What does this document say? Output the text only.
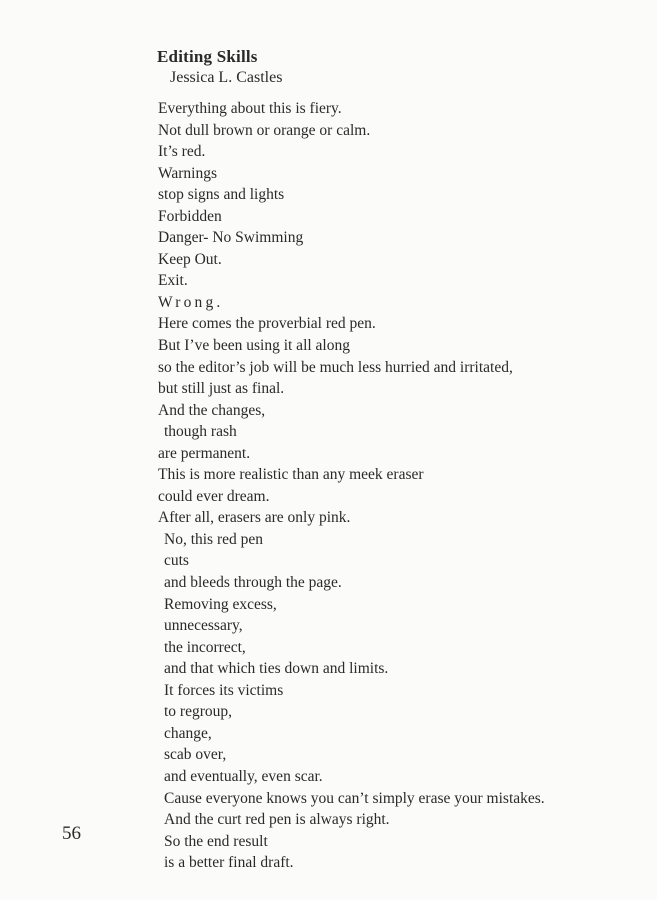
Editing Skills
Jessica L. Castles
Everything about this is fiery.
Not dull brown or orange or calm.
It’s red.
Warnings
stop signs and lights
Forbidden
Danger- No Swimming
Keep Out.
Exit.
Wrong.
Here comes the proverbial red pen.
But I’ve been using it all along
so the editor’s job will be much less hurried and irritated,
but still just as final.
And the changes,
though rash
are permanent.
This is more realistic than any meek eraser
could ever dream.
After all, erasers are only pink.
No, this red pen
cuts
and bleeds through the page.
Removing excess,
unnecessary,
the incorrect,
and that which ties down and limits.
It forces its victims
to regroup,
change,
scab over,
and eventually, even scar.
Cause everyone knows you can’t simply erase your mistakes.
And the curt red pen is always right.
So the end result
is a better final draft.
56
